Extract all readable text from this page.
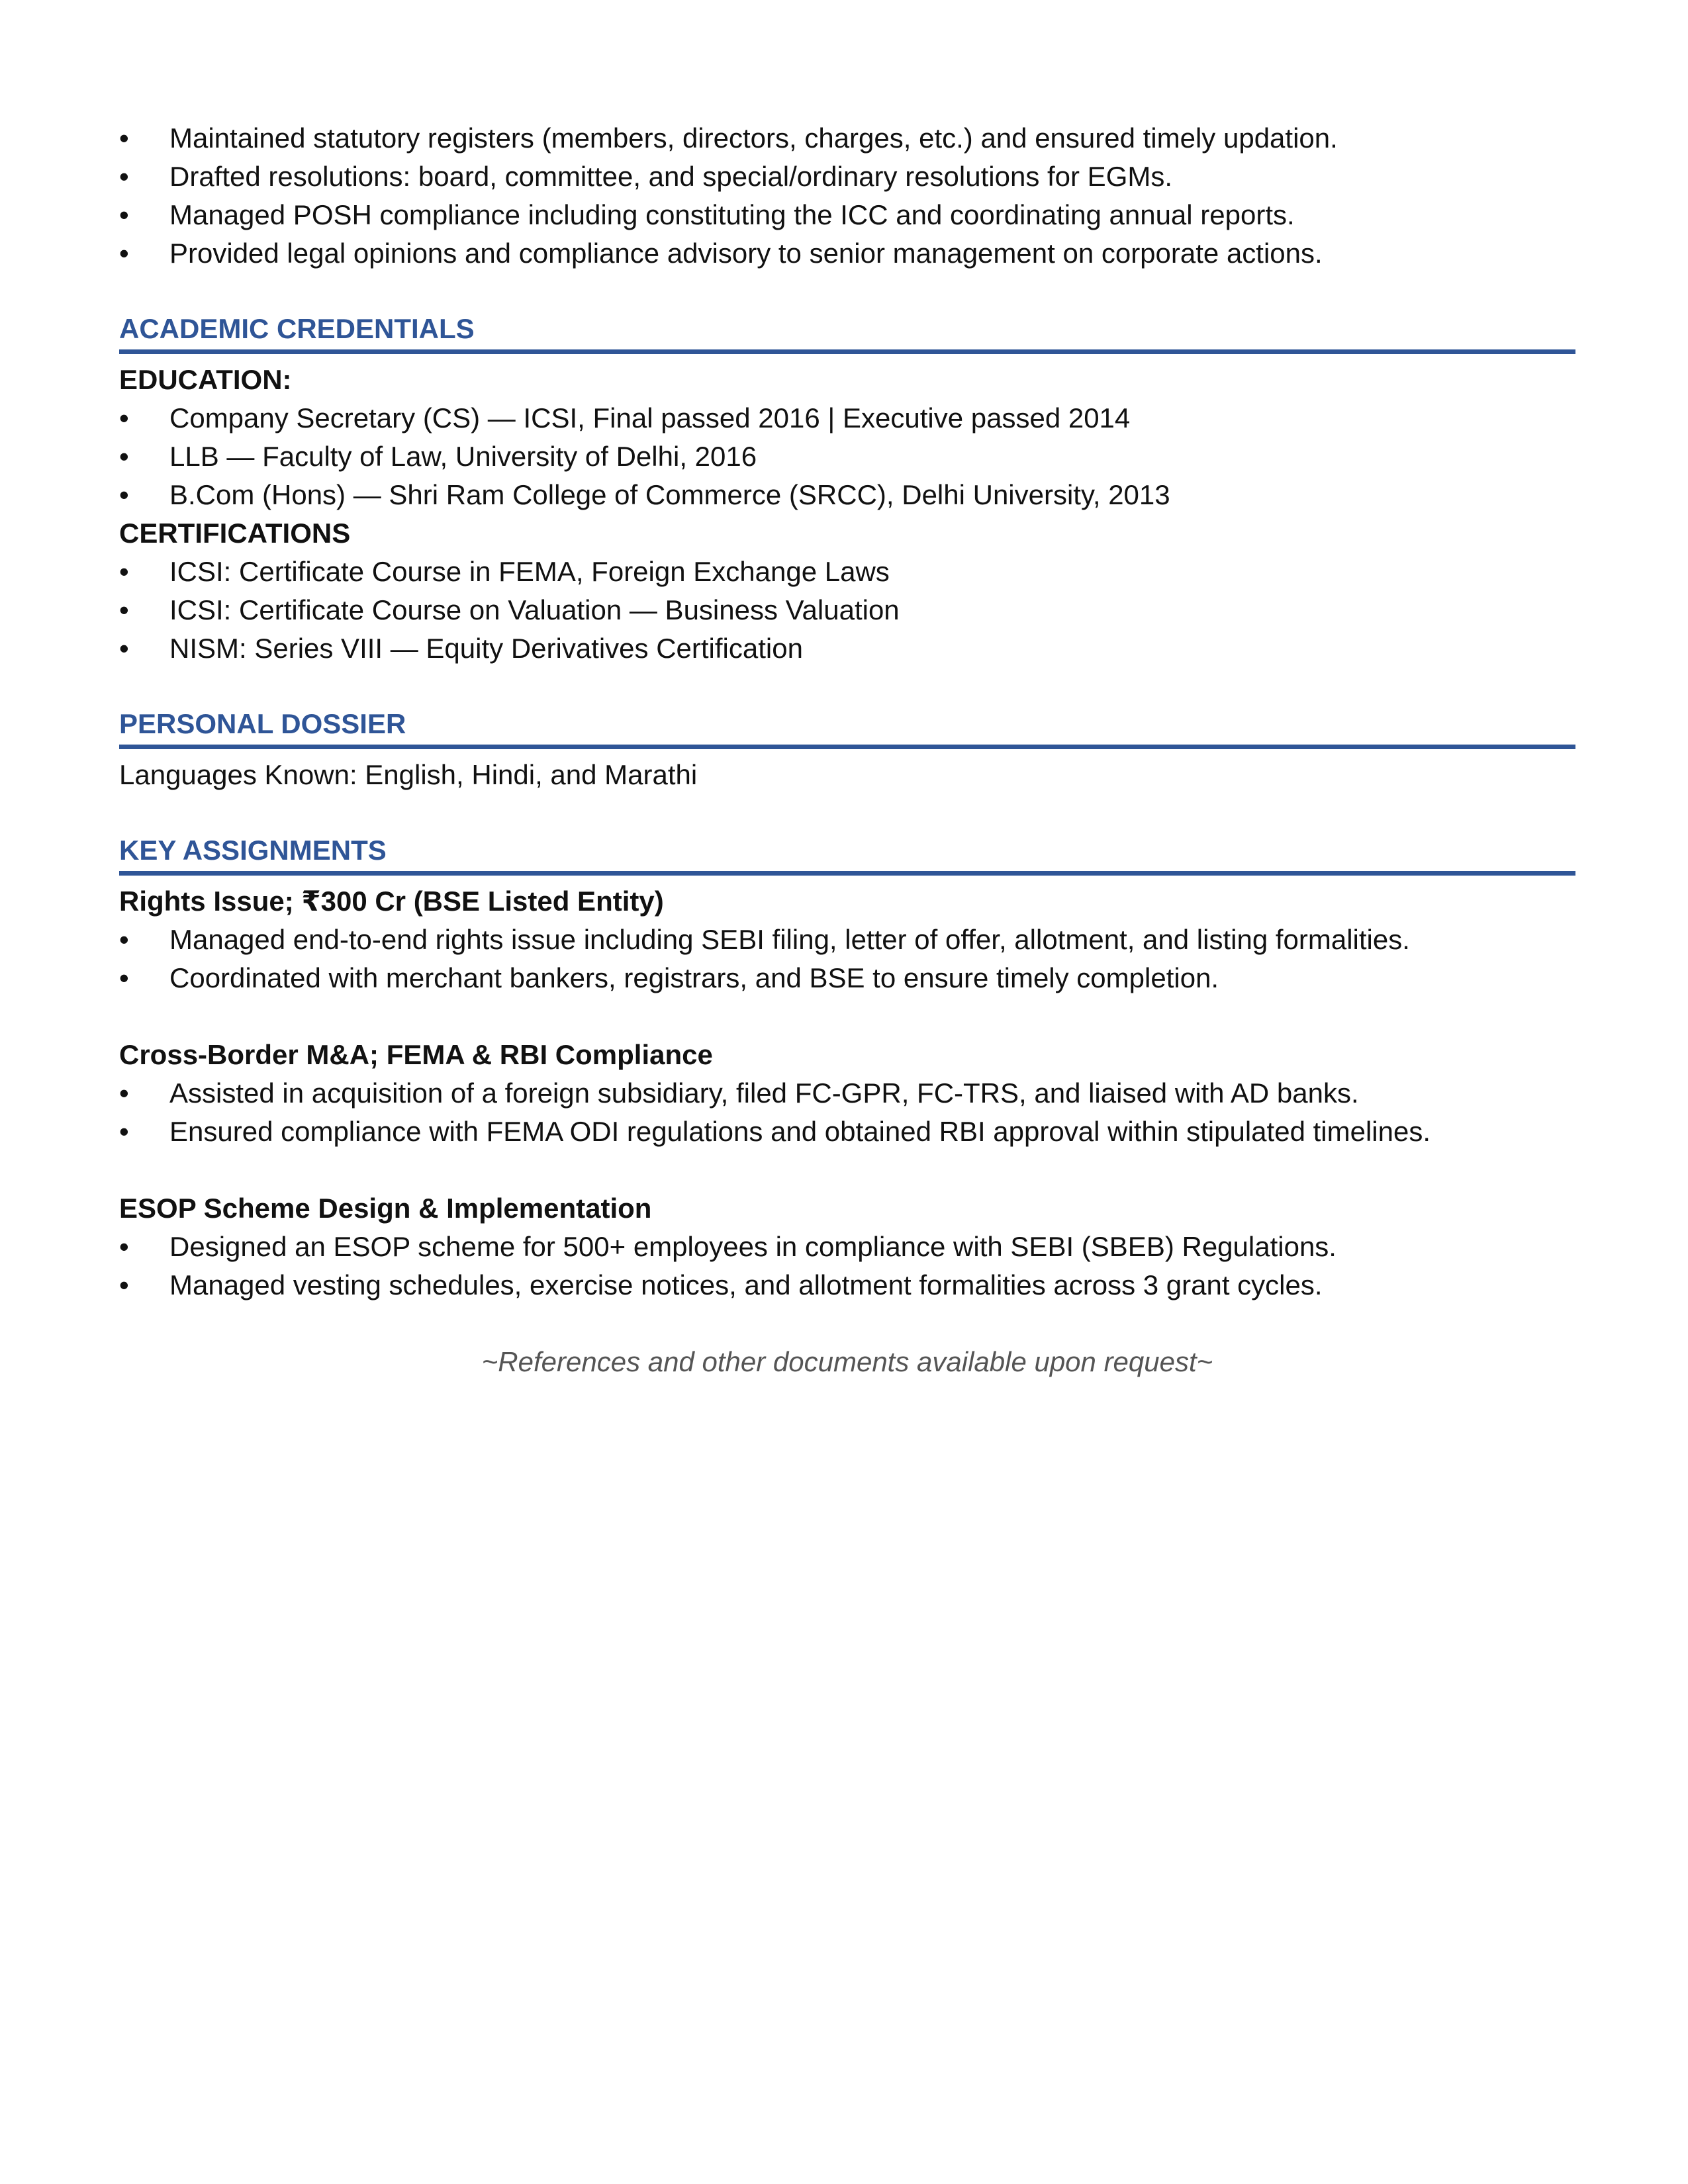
• Maintained statutory registers (members, directors, charges, etc.) and ensured timely updation.
• Drafted resolutions: board, committee, and special/ordinary resolutions for EGMs.
• Managed POSH compliance including constituting the ICC and coordinating annual reports.
• Provided legal opinions and compliance advisory to senior management on corporate actions.
ACADEMIC CREDENTIALS

EDUCATION:

• Company Secretary (CS) — ICSI, Final passed 2016 | Executive passed 2014
• LLB — Faculty of Law, University of Delhi, 2016
• B.Com (Hons) — Shri Ram College of Commerce (SRCC), Delhi University, 2013

CERTIFICATIONS

• ICSI: Certificate Course in FEMA, Foreign Exchange Laws
• ICSI: Certificate Course on Valuation — Business Valuation
• NISM: Series VIII — Equity Derivatives Certification
PERSONAL DOSSIER

Languages Known: English, Hindi, and Marathi

KEY ASSIGNMENTS

Rights Issue; ₹300 Cr (BSE Listed Entity)

• Managed end-to-end rights issue including SEBI filing, letter of offer, allotment, and listing formalities.
• Coordinated with merchant bankers, registrars, and BSE to ensure timely completion.

Cross-Border M&A; FEMA & RBI Compliance

• Assisted in acquisition of a foreign subsidiary, filed FC-GPR, FC-TRS, and liaised with AD banks.
• Ensured compliance with FEMA ODI regulations and obtained RBI approval within stipulated timelines.

ESOP Scheme Design & Implementation

• Designed an ESOP scheme for 500+ employees in compliance with SEBI (SBEB) Regulations.
• Managed vesting schedules, exercise notices, and allotment formalities across 3 grant cycles.

~References and other documents available upon request~
